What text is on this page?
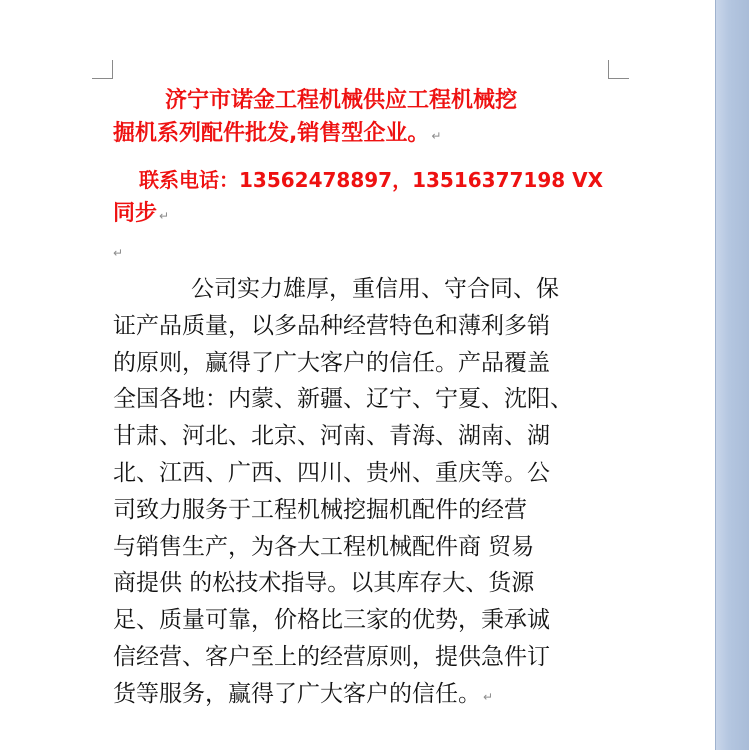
济宁市诺金工程机械供应工程机械挖
掘机系列配件批发,销售型企业。 ↵

联系电话：13562478897，13516377198 VX
同步 ↵

↵

公司实力雄厚，重信用、守合同、保
证产品质量，以多品种经营特色和薄利多销
的原则，赢得了广大客户的信任。产品覆盖
全国各地：内蒙、新疆、辽宁、宁夏、沈阳、
甘肃、河北、北京、河南、青海、湖南、湖
北、江西、广西、四川、贵州、重庆等。公
司致力服务于工程机械挖掘机配件的经营
与销售生产，为各大工程机械配件商 贸易
商提供 的松技术指导。以其库存大、货源
足、质量可靠，价格比三家的优势，秉承诚
信经营、客户至上的经营原则，提供急件订
货等服务，赢得了广大客户的信任。 ↵
